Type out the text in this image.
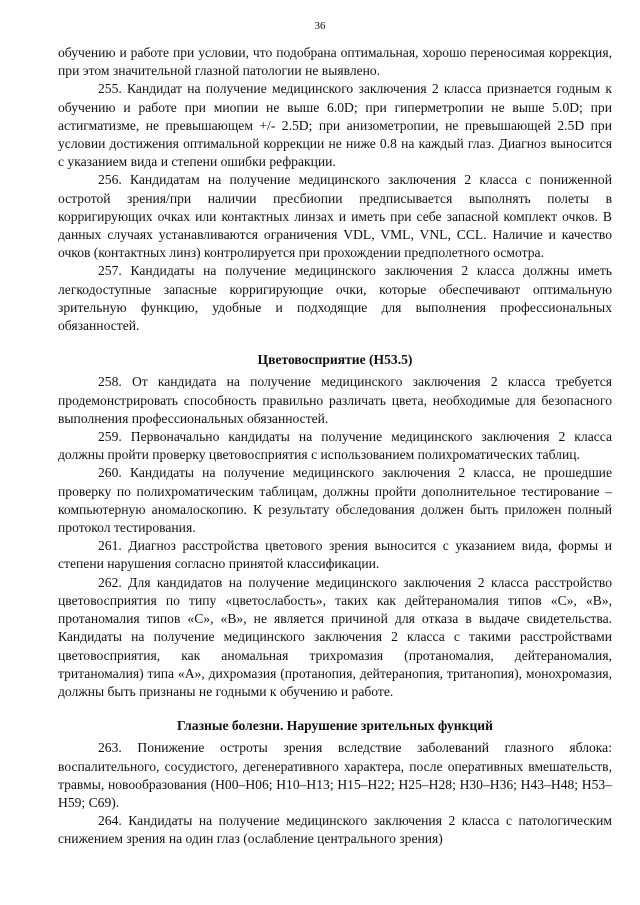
36

обучению и работе при условии, что подобрана оптимальная, хорошо переносимая коррекция, при этом значительной глазной патологии не выявлено.

255. Кандидат на получение медицинского заключения 2 класса признается годным к обучению и работе при миопии не выше 6.0D; при гиперметропии не выше 5.0D; при астигматизме, не превышающем +/- 2.5D; при анизометропии, не превышающей 2.5D при условии достижения оптимальной коррекции не ниже 0.8 на каждый глаз. Диагноз выносится с указанием вида и степени ошибки рефракции.

256. Кандидатам на получение медицинского заключения 2 класса с пониженной остротой зрения/при наличии пресбиопии предписывается выполнять полеты в корригирующих очках или контактных линзах и иметь при себе запасной комплект очков. В данных случаях устанавливаются ограничения VDL, VML, VNL, CCL. Наличие и качество очков (контактных линз) контролируется при прохождении предполетного осмотра.

257. Кандидаты на получение медицинского заключения 2 класса должны иметь легкодоступные запасные корригирующие очки, которые обеспечивают оптимальную зрительную функцию, удобные и подходящие для выполнения профессиональных обязанностей.

Цветовосприятие (Н53.5)

258. От кандидата на получение медицинского заключения 2 класса требуется продемонстрировать способность правильно различать цвета, необходимые для безопасного выполнения профессиональных обязанностей.

259. Первоначально кандидаты на получение медицинского заключения 2 класса должны пройти проверку цветовосприятия с использованием полихроматических таблиц.

260. Кандидаты на получение медицинского заключения 2 класса, не прошедшие проверку по полихроматическим таблицам, должны пройти дополнительное тестирование – компьютерную аномалоскопию. К результату обследования должен быть приложен полный протокол тестирования.

261. Диагноз расстройства цветового зрения выносится с указанием вида, формы и степени нарушения согласно принятой классификации.

262. Для кандидатов на получение медицинского заключения 2 класса расстройство цветовосприятия по типу «цветослабость», таких как дейтераномалия типов «С», «В», протаномалия типов «С», «В», не является причиной для отказа в выдаче свидетельства. Кандидаты на получение медицинского заключения 2 класса с такими расстройствами цветовосприятия, как аномальная трихромазия (протаномалия, дейтераномалия, тританомалия) типа «А», дихромазия (протанопия, дейтеранопия, тританопия), монохромазия, должны быть признаны не годными к обучению и работе.

Глазные болезни. Нарушение зрительных функций

263. Понижение остроты зрения вследствие заболеваний глазного яблока: воспалительного, сосудистого, дегенеративного характера, после оперативных вмешательств, травмы, новообразования (Н00–Н06; Н10–Н13; Н15–Н22; Н25–Н28; Н30–Н36; Н43–Н48; Н53–Н59; С69).

264. Кандидаты на получение медицинского заключения 2 класса с патологическим снижением зрения на один глаз (ослабление центрального зрения)
